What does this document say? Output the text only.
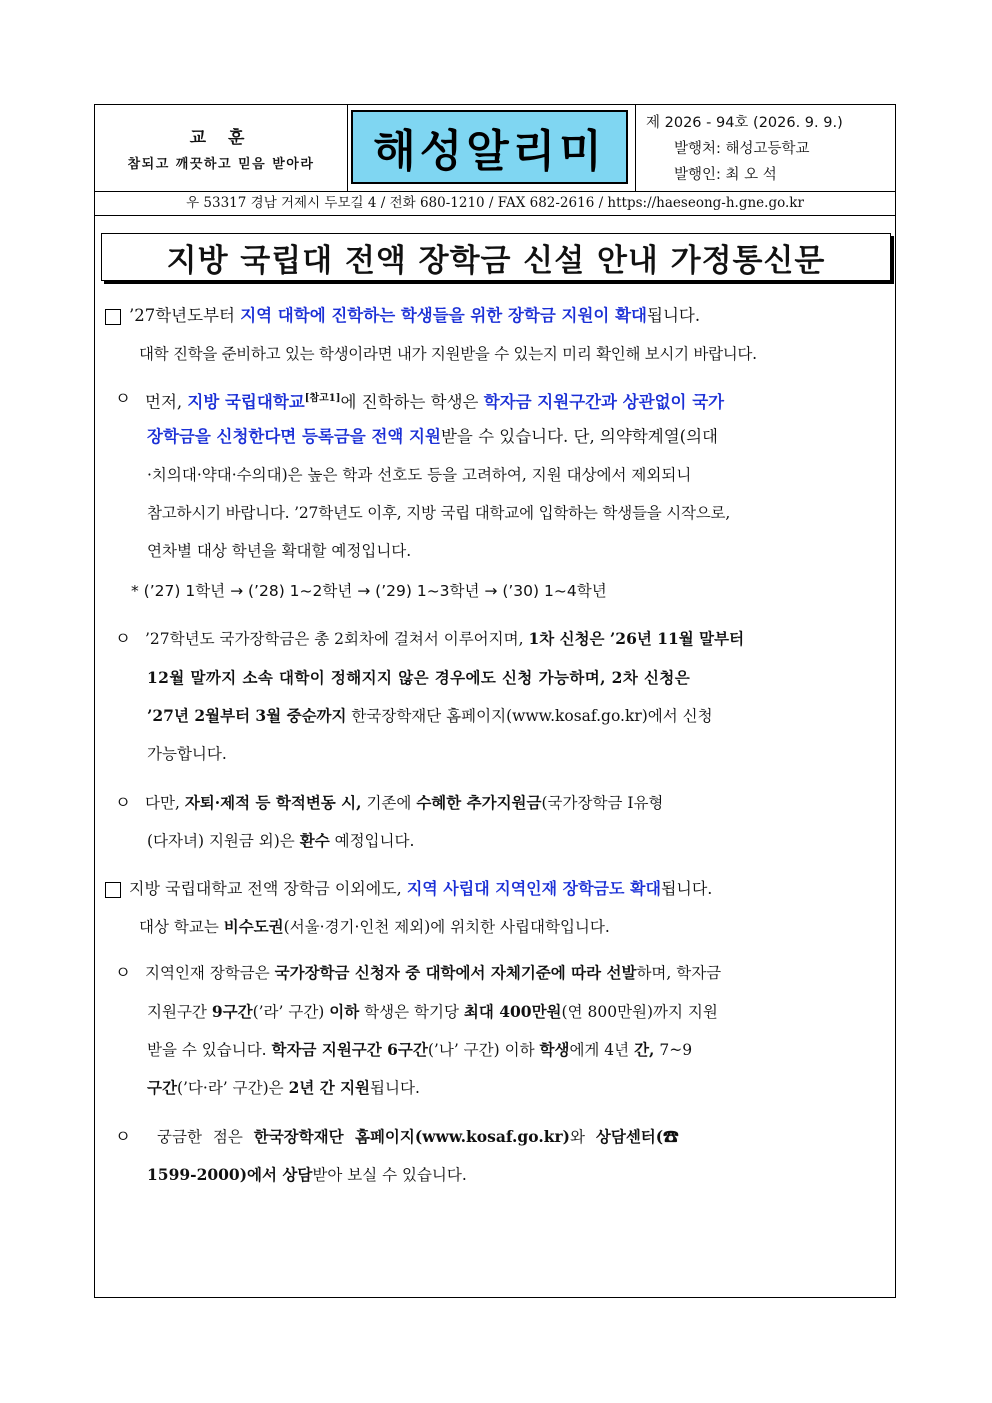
교 훈
참되고 깨끗하고 믿음 받아라	해성알리미
제 2026 - 94호 (2026. 9. 9.)
발행처: 해성고등학교
발행인: 최 오 석
우 53317 경남 거제시 두모길 4 / 전화 680-1210 / FAX 682-2616 / https://haeseong-h.gne.go.kr
지방 국립대 전액 장학금 신설 안내 가정통신문
’27학년도부터 지역 대학에 진학하는 학생들을 위한 장학금 지원이 확대됩니다.
대학 진학을 준비하고 있는 학생이라면 내가 지원받을 수 있는지 미리 확인해 보시기 바랍니다.
ㅇ 먼저, 지방 국립대학교[참고1]에 진학하는 학생은 학자금 지원구간과 상관없이 국가
장학금을 신청한다면 등록금을 전액 지원받을 수 있습니다. 단, 의약학계열(의대
·치의대·약대·수의대)은 높은 학과 선호도 등을 고려하여, 지원 대상에서 제외되니
참고하시기 바랍니다. ’27학년도 이후, 지방 국립 대학교에 입학하는 학생들을 시작으로,
연차별 대상 학년을 확대할 예정입니다.
* (’27) 1학년 → (’28) 1~2학년 → (’29) 1~3학년 → (’30) 1~4학년
ㅇ ’27학년도 국가장학금은 총 2회차에 걸쳐서 이루어지며, 1차 신청은 ’26년 11월 말부터
12월 말까지 소속 대학이 정해지지 않은 경우에도 신청 가능하며, 2차 신청은
’27년 2월부터 3월 중순까지 한국장학재단 홈페이지(www.kosaf.go.kr)에서 신청
가능합니다.
ㅇ 다만, 자퇴·제적 등 학적변동 시, 기존에 수혜한 추가지원금(국가장학금 Ⅰ유형
(다자녀) 지원금 외)은 환수 예정입니다.
지방 국립대학교 전액 장학금 이외에도, 지역 사립대 지역인재 장학금도 확대됩니다.
대상 학교는 비수도권(서울·경기·인천 제외)에 위치한 사립대학입니다.
ㅇ 지역인재 장학금은 국가장학금 신청자 중 대학에서 자체기준에 따라 선발하며, 학자금
지원구간 9구간(’라’ 구간) 이하 학생은 학기당 최대 400만원(연 800만원)까지 지원
받을 수 있습니다. 학자금 지원구간 6구간(’나’ 구간) 이하 학생에게 4년 간, 7~9
구간(’다·라’ 구간)은 2년 간 지원됩니다.
ㅇ 궁금한 점은 한국장학재단 홈페이지(www.kosaf.go.kr)와 상담센터(☎
1599-2000)에서 상담받아 보실 수 있습니다.
